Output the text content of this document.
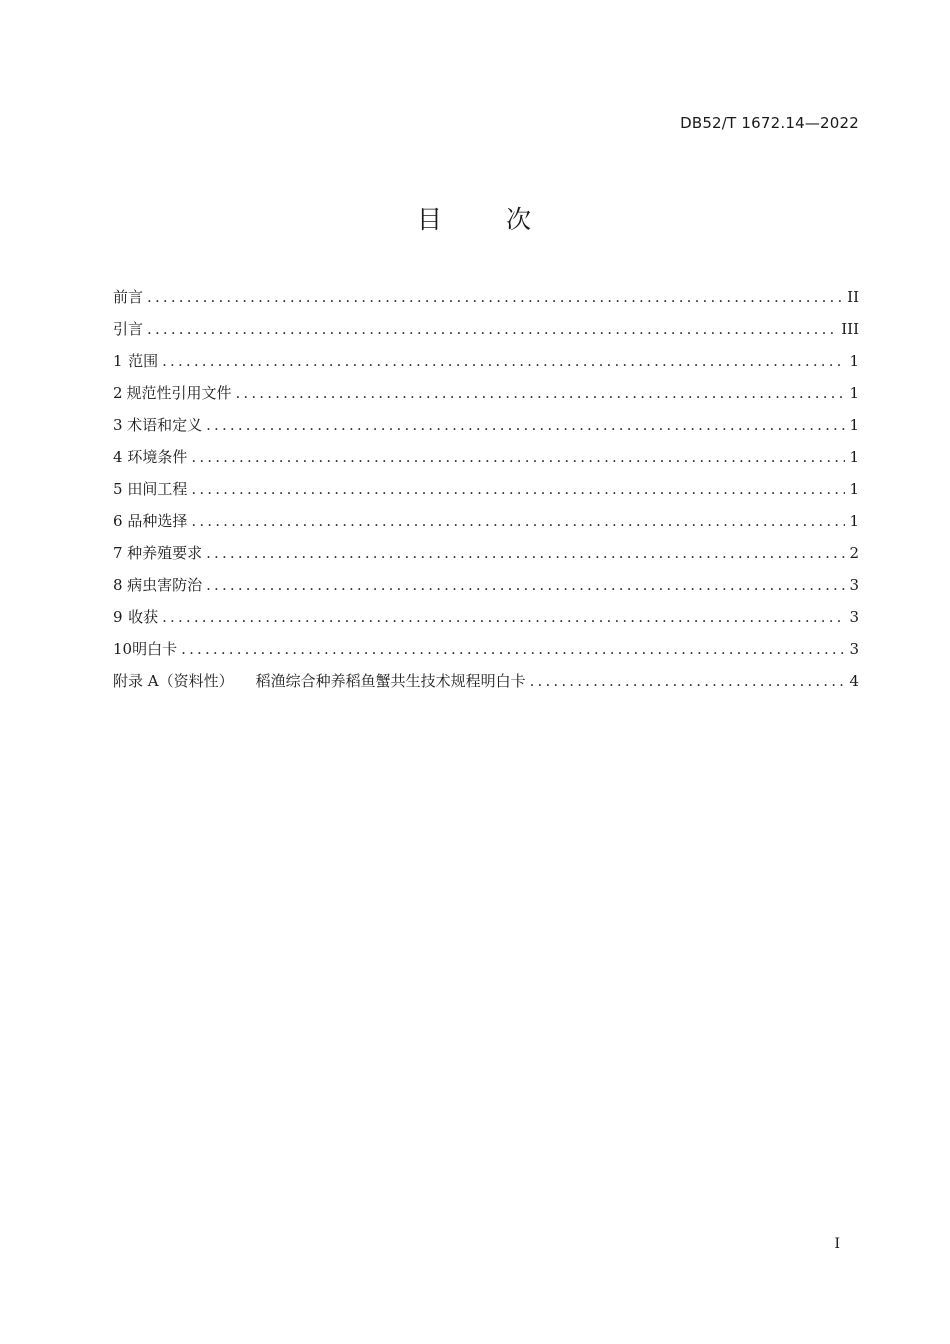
DB52/T 1672.14—2022
目 次
前言 . . .	II
引言 . . .	III
1 范围 . . .	1
2 规范性引用文件 . . .	1
3 术语和定义 . . .	1
4 环境条件 . . .	1
5 田间工程 . . .	1
6 品种选择 . . .	1
7 种养殖要求 . . .	2
8 病虫害防治 . . .	3
9 收获 . . .	3
10 明白卡 . . .	3
附录 A（资料性） 稻渔综合种养稻鱼蟹共生技术规程明白卡 . . .	4
I
